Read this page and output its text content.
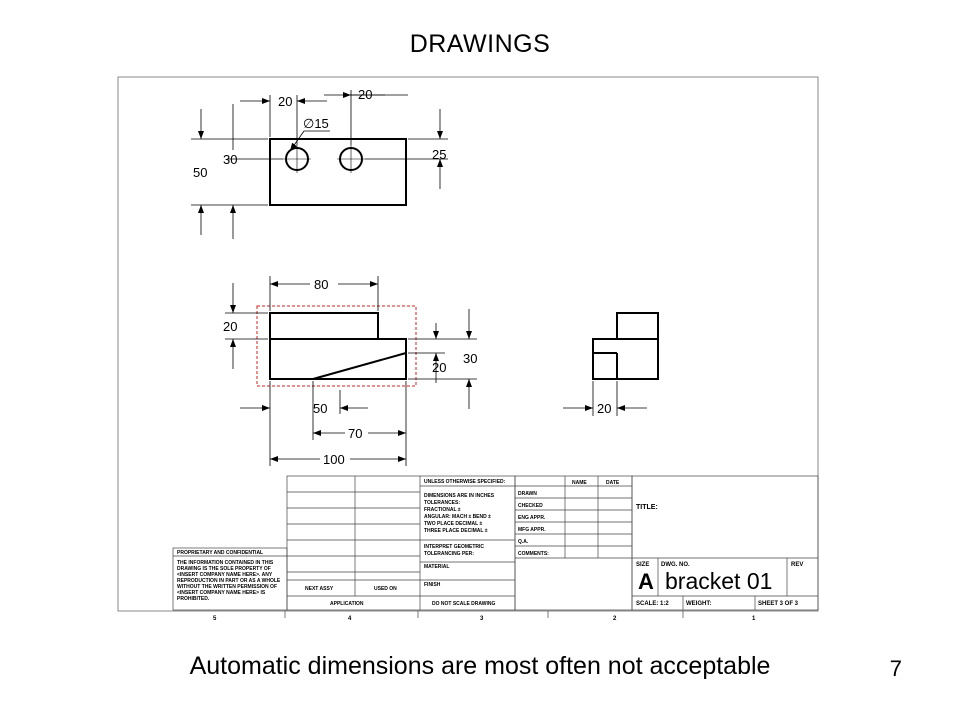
DRAWINGS
20	20
∅15
30
50
25
80
20
20
30
50
70
100
20
UNLESS OTHERWISE SPECIFIED:
DIMENSIONS ARE IN INCHES
TOLERANCES:
FRACTIONAL ±
ANGULAR: MACH ± BEND ±
TWO PLACE DECIMAL ±
THREE PLACE DECIMAL ±
INTERPRET GEOMETRIC
TOLERANCING PER:
MATERIAL
FINISH
DO NOT SCALE DRAWING
APPLICATION
NEXT ASSY	USED ON
NAME	DATE
DRAWN
CHECKED
ENG APPR.
MFG APPR.
Q.A.
COMMENTS:
TITLE:
SIZE
A
DWG. NO.
bracket 01
REV
SCALE: 1:2	WEIGHT:	SHEET 3 OF 3
PROPRIETARY AND CONFIDENTIAL
THE INFORMATION CONTAINED IN THIS
DRAWING IS THE SOLE PROPERTY OF
<INSERT COMPANY NAME HERE>. ANY
REPRODUCTION IN PART OR AS A WHOLE
WITHOUT THE WRITTEN PERMISSION OF
<INSERT COMPANY NAME HERE> IS
PROHIBITED.
5	4	3	2	1
Automatic dimensions are most often not acceptable	7
